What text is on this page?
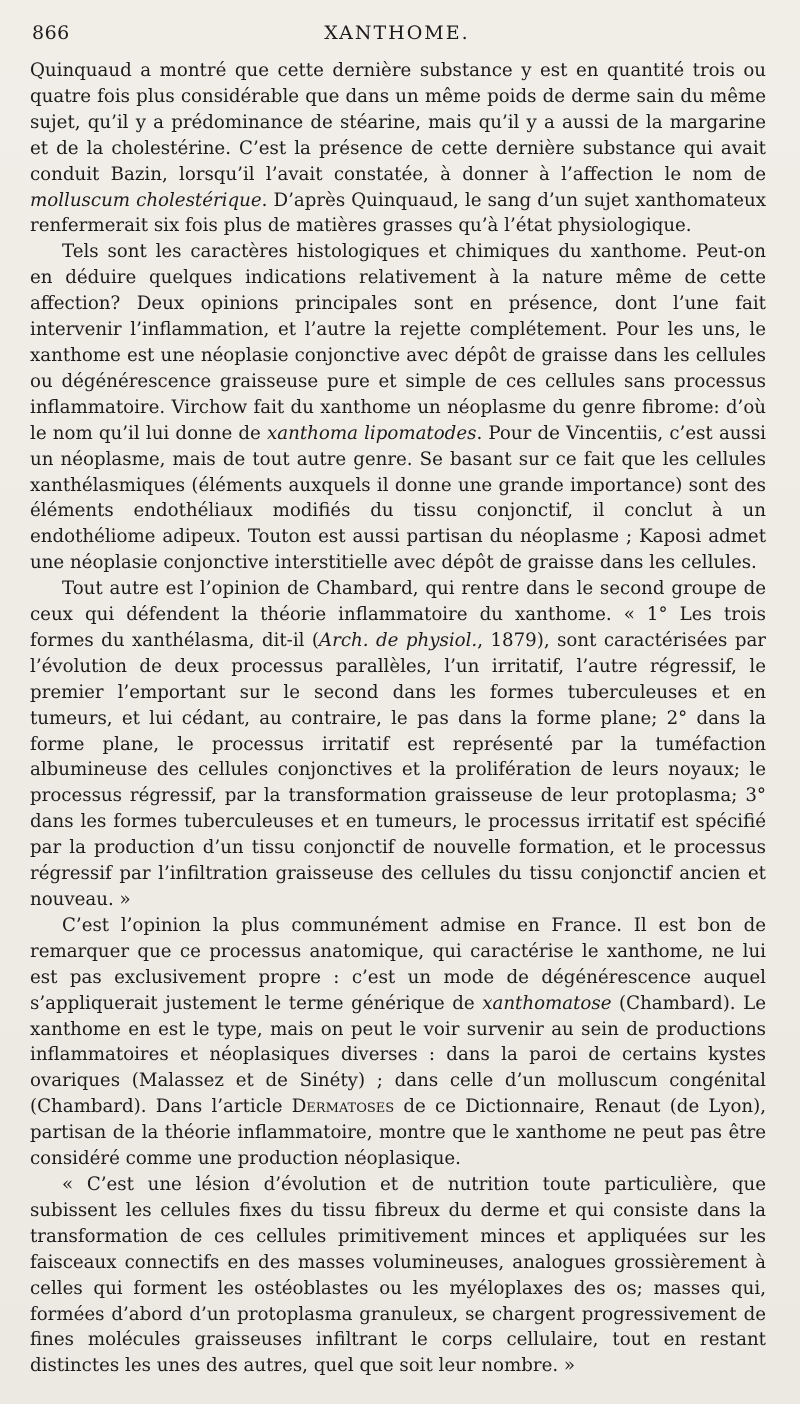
866	XANTHOME.

Quinquaud a montré que cette dernière substance y est en quantité trois ou quatre fois plus considérable que dans un même poids de derme sain du même sujet, qu’il y a prédominance de stéarine, mais qu’il y a aussi de la margarine et de la cholestérine. C’est la présence de cette dernière substance qui avait conduit Bazin, lorsqu’il l’avait constatée, à donner à l’affection le nom de molluscum cholestérique. D’après Quinquaud, le sang d’un sujet xanthomateux renfermerait six fois plus de matières grasses qu’à l’état physiologique.

Tels sont les caractères histologiques et chimiques du xanthome. Peut-on en déduire quelques indications relativement à la nature même de cette affection? Deux opinions principales sont en présence, dont l’une fait intervenir l’inflammation, et l’autre la rejette complétement. Pour les uns, le xanthome est une néoplasie conjonctive avec dépôt de graisse dans les cellules ou dégénérescence graisseuse pure et simple de ces cellules sans processus inflammatoire. Virchow fait du xanthome un néoplasme du genre fibrome: d’où le nom qu’il lui donne de xanthoma lipomatodes. Pour de Vincentiis, c’est aussi un néoplasme, mais de tout autre genre. Se basant sur ce fait que les cellules xanthélasmiques (éléments auxquels il donne une grande importance) sont des éléments endothéliaux modifiés du tissu conjonctif, il conclut à un endothéliome adipeux. Touton est aussi partisan du néoplasme ; Kaposi admet une néoplasie conjonctive interstitielle avec dépôt de graisse dans les cellules.

Tout autre est l’opinion de Chambard, qui rentre dans le second groupe de ceux qui défendent la théorie inflammatoire du xanthome. « 1° Les trois formes du xanthélasma, dit-il (Arch. de physiol., 1879), sont caractérisées par l’évolution de deux processus parallèles, l’un irritatif, l’autre régressif, le premier l’emportant sur le second dans les formes tuberculeuses et en tumeurs, et lui cédant, au contraire, le pas dans la forme plane; 2° dans la forme plane, le processus irritatif est représenté par la tuméfaction albumineuse des cellules conjonctives et la prolifération de leurs noyaux; le processus régressif, par la transformation graisseuse de leur protoplasma; 3° dans les formes tuberculeuses et en tumeurs, le processus irritatif est spécifié par la production d’un tissu conjonctif de nouvelle formation, et le processus régressif par l’infiltration graisseuse des cellules du tissu conjonctif ancien et nouveau. »

C’est l’opinion la plus communément admise en France. Il est bon de remarquer que ce processus anatomique, qui caractérise le xanthome, ne lui est pas exclusivement propre : c’est un mode de dégénérescence auquel s’appliquerait justement le terme générique de xanthomatose (Chambard). Le xanthome en est le type, mais on peut le voir survenir au sein de productions inflammatoires et néoplasiques diverses : dans la paroi de certains kystes ovariques (Malassez et de Sinéty) ; dans celle d’un molluscum congénital (Chambard). Dans l’article Dermatoses de ce Dictionnaire, Renaut (de Lyon), partisan de la théorie inflammatoire, montre que le xanthome ne peut pas être considéré comme une production néoplasique.

« C’est une lésion d’évolution et de nutrition toute particulière, que subissent les cellules fixes du tissu fibreux du derme et qui consiste dans la transformation de ces cellules primitivement minces et appliquées sur les faisceaux connectifs en des masses volumineuses, analogues grossièrement à celles qui forment les ostéoblastes ou les myéloplaxes des os; masses qui, formées d’abord d’un protoplasma granuleux, se chargent progressivement de fines molécules graisseuses infiltrant le corps cellulaire, tout en restant distinctes les unes des autres, quel que soit leur nombre. »
